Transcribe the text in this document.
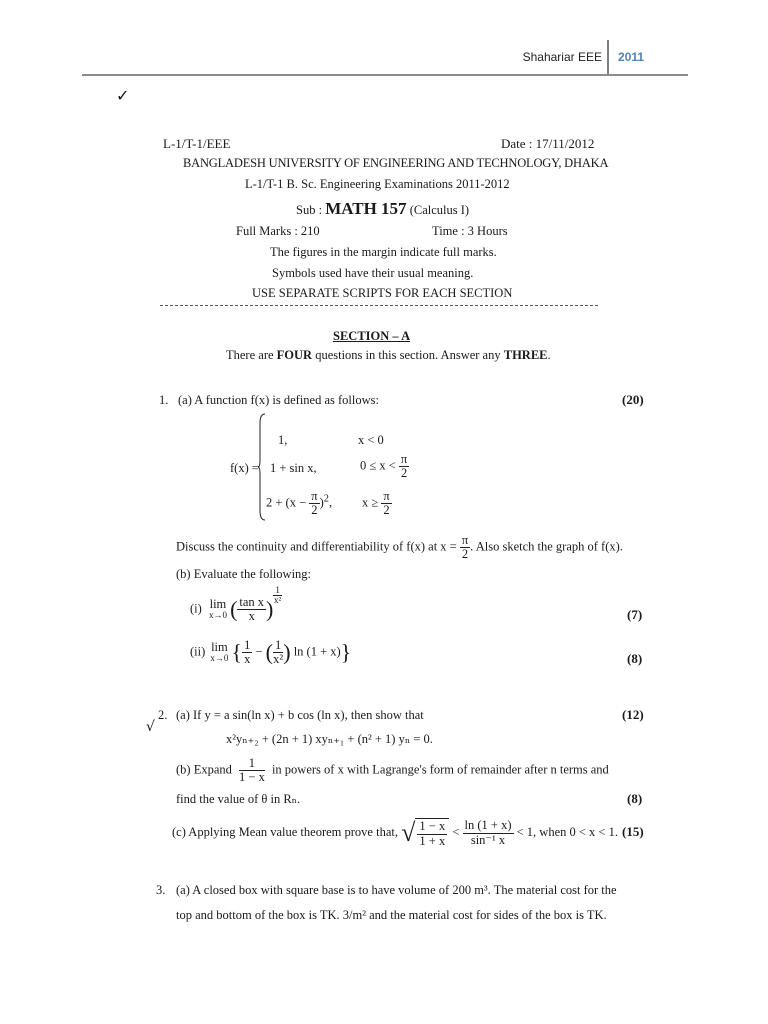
Shahariar EEE 2011
✓
L-1/T-1/EEE	Date : 17/11/2012
BANGLADESH UNIVERSITY OF ENGINEERING AND TECHNOLOGY, DHAKA
L-1/T-1 B. Sc. Engineering Examinations 2011-2012
Sub : MATH 157 (Calculus I)
Full Marks : 210	Time : 3 Hours
The figures in the margin indicate full marks.
Symbols used have their usual meaning.
USE SEPARATE SCRIPTS FOR EACH SECTION
SECTION – A
There are FOUR questions in this section. Answer any THREE.
1. (a) A function f(x) is defined as follows:	(20)
f(x) =
1,	x < 0
1 + sin x,	$0 \le x < \frac{\pi}{2}$
$2 + (x - \frac{\pi}{2} )^2$, $x \ge \frac{\pi}{2}$
Discuss the continuity and differentiability of f(x) at $x = \frac{\pi}{2}$ . Also sketch the graph of f(x).
(b) Evaluate the following:
(i) lim
x→0 ( $\frac{\text{tan x}}{x}$ )
$\frac{1}{\text{x²}}$
(7)
(ii) lim
x→0 { $\frac{1}{x}$ − ( $\frac{1}{\text{x²}}$ ) ln (1 + x)}	(8)
2.
√
(a) If y = a sin(ln x) + b cos (ln x), then show that	(12)
x²yₙ₊₂ + (2n + 1) xyₙ₊₁ + (n² + 1) yₙ = 0.
(b) Expand $\frac{1}{1 - x}$ in powers of x with Lagrange's form of remainder after n terms and
find the value of θ in Rₙ.	(8)
(c) Applying Mean value theorem prove that, √ $\frac{1 - x}{1 + x} < \frac{\ln (1 + x)}{\text{sin⁻¹ x}} < 1$, when 0 < x < 1. (15)
3. (a) A closed box with square base is to have volume of 200 m³. The material cost for the
top and bottom of the box is TK. 3/m² and the material cost for sides of the box is TK.
